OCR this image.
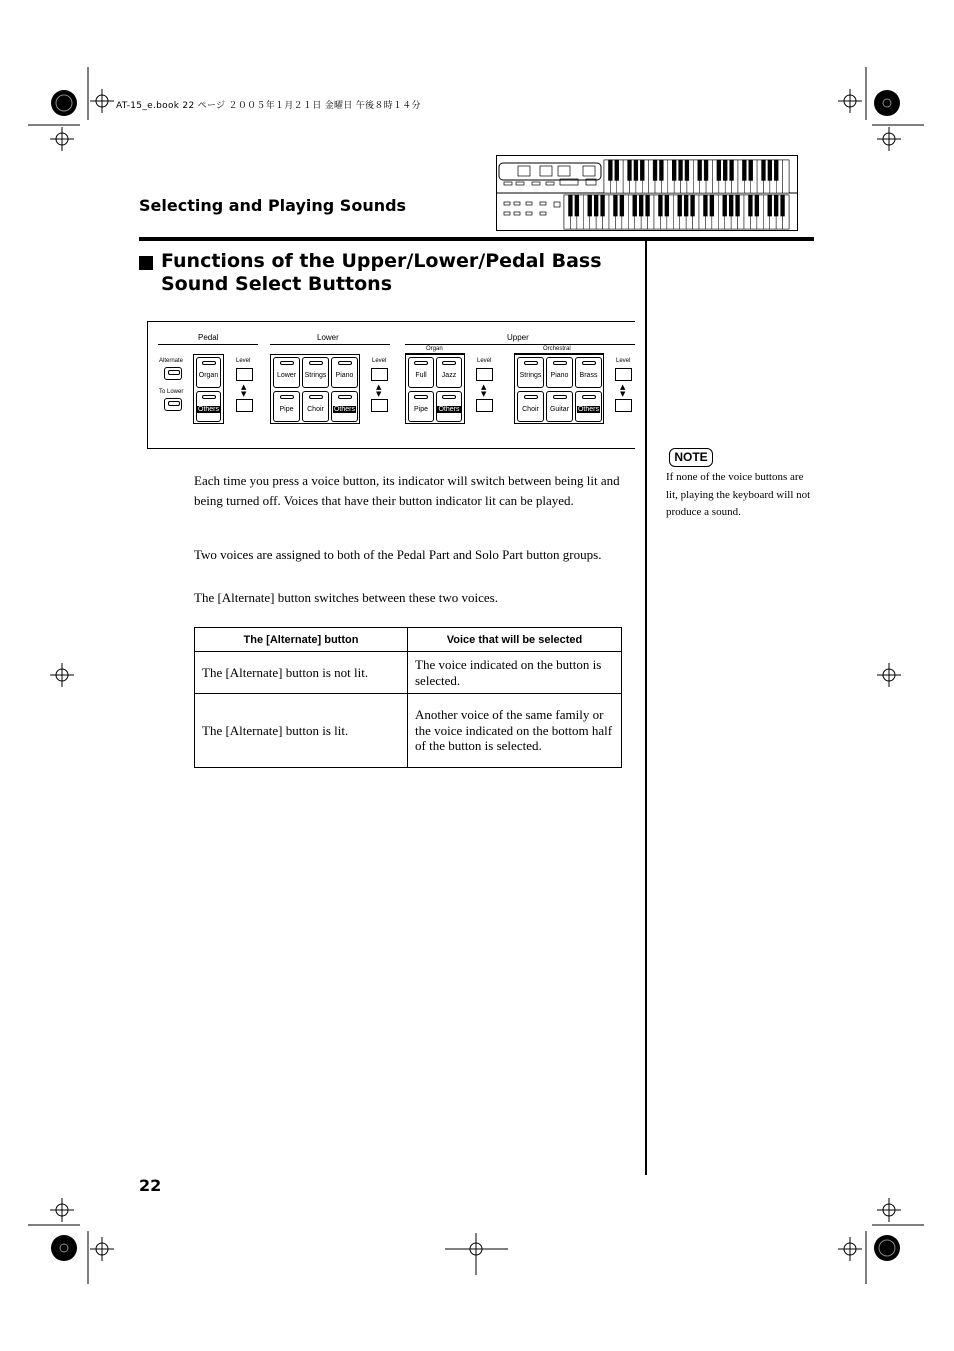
AT-15_e.book 22 ページ ２００５年１月２１日 金曜日 午後８時１４分
Selecting and Playing Sounds
Functions of the Upper/Lower/Pedal Bass Sound Select Buttons
Pedal
Alternate
To Lower
Organ
Others
Level
▲
▼
Lower
Lower	Strings	Piano
Pipe	Choir	Others
Level
▲
▼
Upper
Organ
Full	Jazz
Pipe	Others
Level
▲
▼
Orchestral
Strings	Piano	Brass
Choir	Guitar	Others
Level
▲
▼
Each time you press a voice button, its indicator will switch between being lit and being turned off. Voices that have their button indicator lit can be played.
Two voices are assigned to both of the Pedal Part and Solo Part button groups.
The [Alternate] button switches between these two voices.
The [Alternate] button	Voice that will be selected
The [Alternate] button is not lit.	The voice indicated on the button is selected.
The [Alternate] button is lit.	Another voice of the same family or the voice indicated on the bottom half of the button is selected.
NOTE
If none of the voice buttons are lit, playing the keyboard will not produce a sound.
22
